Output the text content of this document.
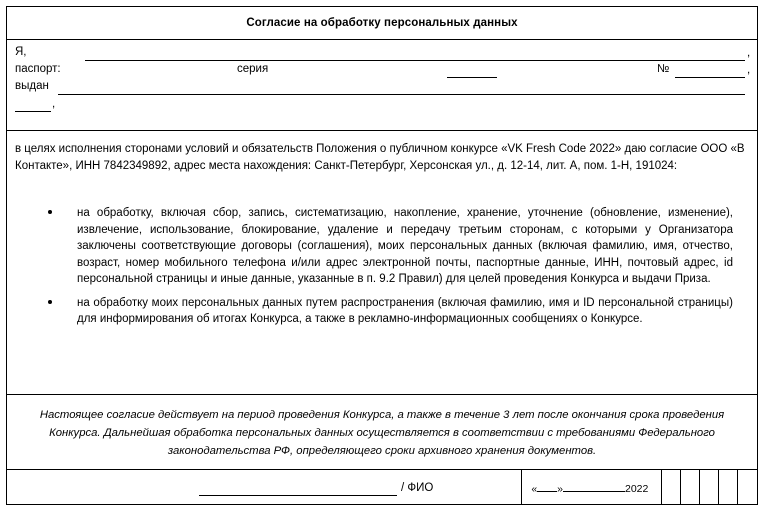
Согласие на обработку персональных данных
Я,	,
паспорт:	серия	№	,
выдан
,
в целях исполнения сторонами условий и обязательств Положения о публичном конкурсе «VK Fresh Code 2022» даю согласие ООО «В Контакте», ИНН 7842349892, адрес места нахождения: Санкт-Петербург, Херсонская ул., д. 12-14, лит. А, пом. 1-Н, 191024:
на обработку, включая сбор, запись, систематизацию, накопление, хранение, уточнение (обновление, изменение), извлечение, использование, блокирование, удаление и передачу третьим сторонам, с которыми у Организатора заключены соответствующие договоры (соглашения), моих персональных данных (включая фамилию, имя, отчество, возраст, номер мобильного телефона и/или адрес электронной почты, паспортные данные, ИНН, почтовый адрес, id персональной страницы и иные данные, указанные в п. 9.2 Правил) для целей проведения Конкурса и выдачи Приза.
на обработку моих персональных данных путем распространения (включая фамилию, имя и ID персональной страницы) для информирования об итогах Конкурса, а также в рекламно-информационных сообщениях о Конкурсе.
Настоящее согласие действует на период проведения Конкурса, а также в течение 3 лет после окончания срока проведения Конкурса. Дальнейшая обработка персональных данных осуществляется в соответствии с требованиями Федерального законодательства РФ, определяющего сроки архивного хранения документов.
/ ФИО	« »	2022
